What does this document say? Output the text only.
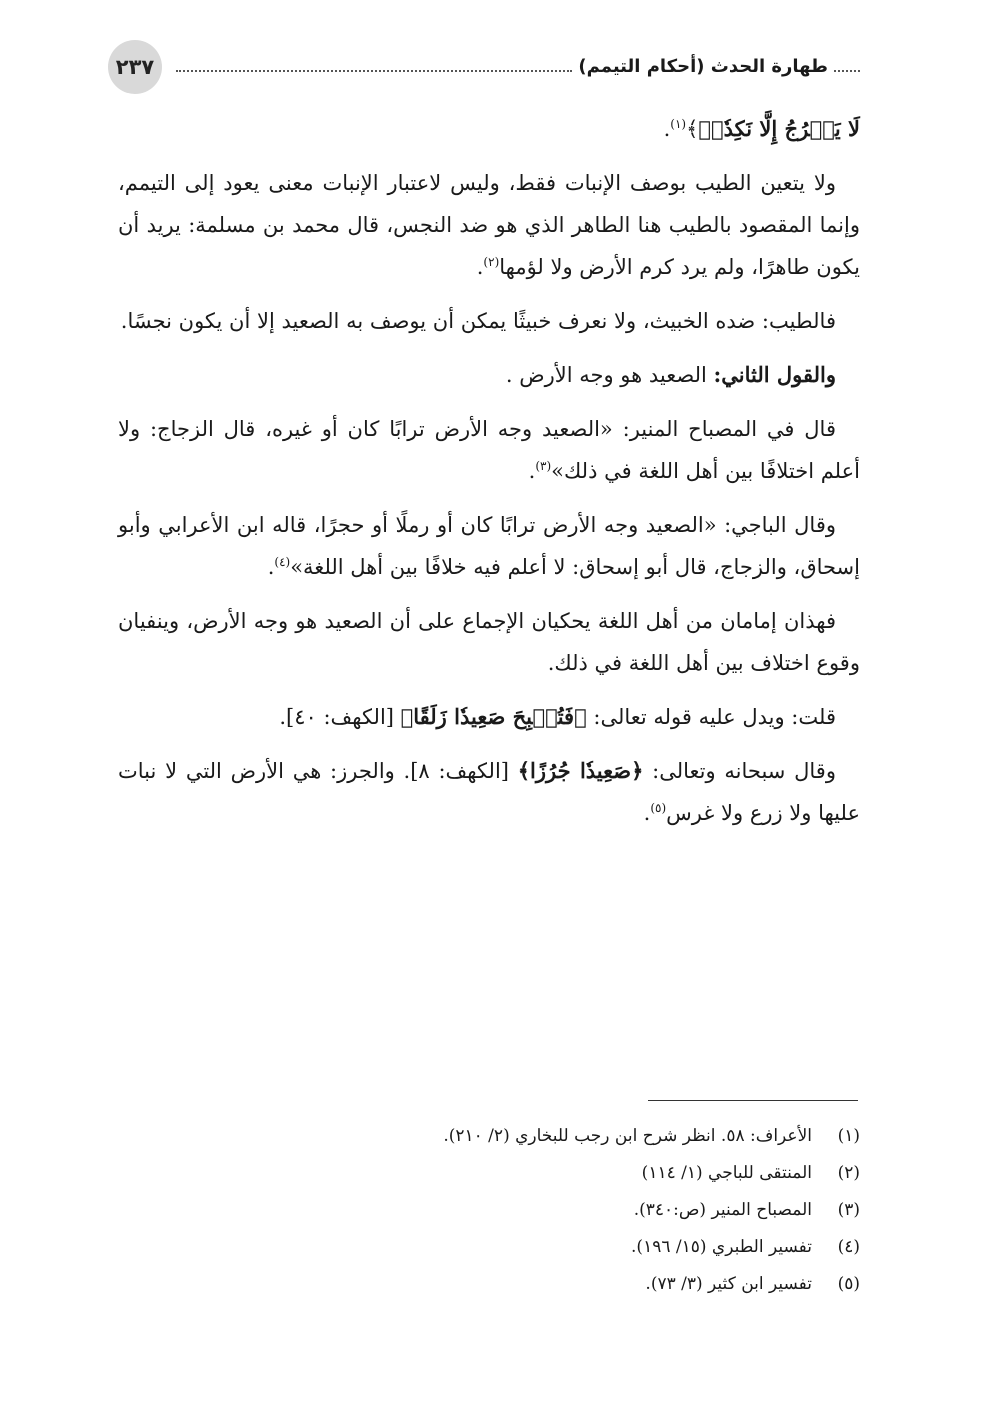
٢٣٧	طهارة الحدث (أحكام التيمم)

لَا يَخۡرُجُ إِلَّا نَكِدٗاۚ﴾$^{(١)}$.

ولا يتعين الطيب بوصف الإنبات فقط، وليس لاعتبار الإنبات معنى يعود إلى التيمم، وإنما المقصود بالطيب هنا الطاهر الذي هو ضد النجس، قال محمد بن مسلمة: يريد أن يكون طاهرًا، ولم يرد كرم الأرض ولا لؤمها$^{(٢)}$.

فالطيب: ضده الخبيث، ولا نعرف خبيثًا يمكن أن يوصف به الصعيد إلا أن يكون نجسًا.

والقول الثاني: الصعيد هو وجه الأرض .

قال في المصباح المنير: «الصعيد وجه الأرض ترابًا كان أو غيره، قال الزجاج: ولا أعلم اختلافًا بين أهل اللغة في ذلك»$^{(٣)}$.

وقال الباجي: «الصعيد وجه الأرض ترابًا كان أو رملًا أو حجرًا، قاله ابن الأعرابي وأبو إسحاق، والزجاج، قال أبو إسحاق: لا أعلم فيه خلافًا بين أهل اللغة»$^{(٤)}$.

فهذان إمامان من أهل اللغة يحكيان الإجماع على أن الصعيد هو وجه الأرض، وينفيان وقوع اختلاف بين أهل اللغة في ذلك.

قلت: ويدل عليه قوله تعالى: ﴿فَتُصۡبِحَ صَعِيدٗا زَلَقًا﴾ [الكهف: ٤٠].

وقال سبحانه وتعالى: ﴿صَعِيدٗا جُرُزًا﴾ [الكهف: ٨]. والجرز: هي الأرض التي لا نبات عليها ولا زرع ولا غرس$^{(٥)}$.

(١)
الأعراف: ٥٨. انظر شرح ابن رجب للبخاري (٢/ ٢١٠).
(٢)
المنتقى للباجي (١/ ١١٤)
(٣)
المصباح المنير (ص:٣٤٠).
(٤)
تفسير الطبري (١٥/ ١٩٦).
(٥)
تفسير ابن كثير (٣/ ٧٣).
